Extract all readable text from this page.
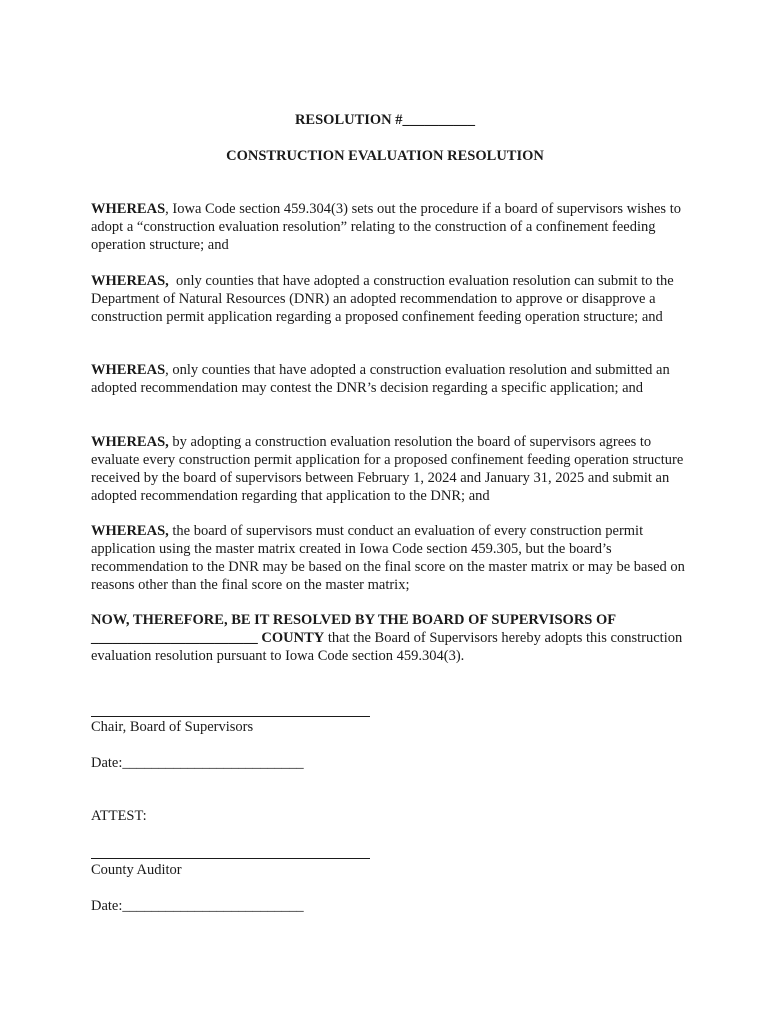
RESOLUTION #__________
CONSTRUCTION EVALUATION RESOLUTION

WHEREAS, Iowa Code section 459.304(3) sets out the procedure if a board of supervisors wishes to adopt a “construction evaluation resolution” relating to the construction of a confinement feeding operation structure; and

WHEREAS,  only counties that have adopted a construction evaluation resolution can submit to the Department of Natural Resources (DNR) an adopted recommendation to approve or disapprove a construction permit application regarding a proposed confinement feeding operation structure; and

WHEREAS, only counties that have adopted a construction evaluation resolution and submitted an adopted recommendation may contest the DNR’s decision regarding a specific application; and

WHEREAS, by adopting a construction evaluation resolution the board of supervisors agrees to evaluate every construction permit application for a proposed confinement feeding operation structure received by the board of supervisors between February 1, 2024 and January 31, 2025 and submit an adopted recommendation regarding that application to the DNR; and

WHEREAS, the board of supervisors must conduct an evaluation of every construction permit application using the master matrix created in Iowa Code section 459.305, but the board’s recommendation to the DNR may be based on the final score on the master matrix or may be based on reasons other than the final score on the master matrix;

NOW, THEREFORE, BE IT RESOLVED BY THE BOARD OF SUPERVISORS OF _______________________ COUNTY that the Board of Supervisors hereby adopts this construction evaluation resolution pursuant to Iowa Code section 459.304(3).

Chair, Board of Supervisors
Date:_________________________
ATTEST:
County Auditor
Date:_________________________
